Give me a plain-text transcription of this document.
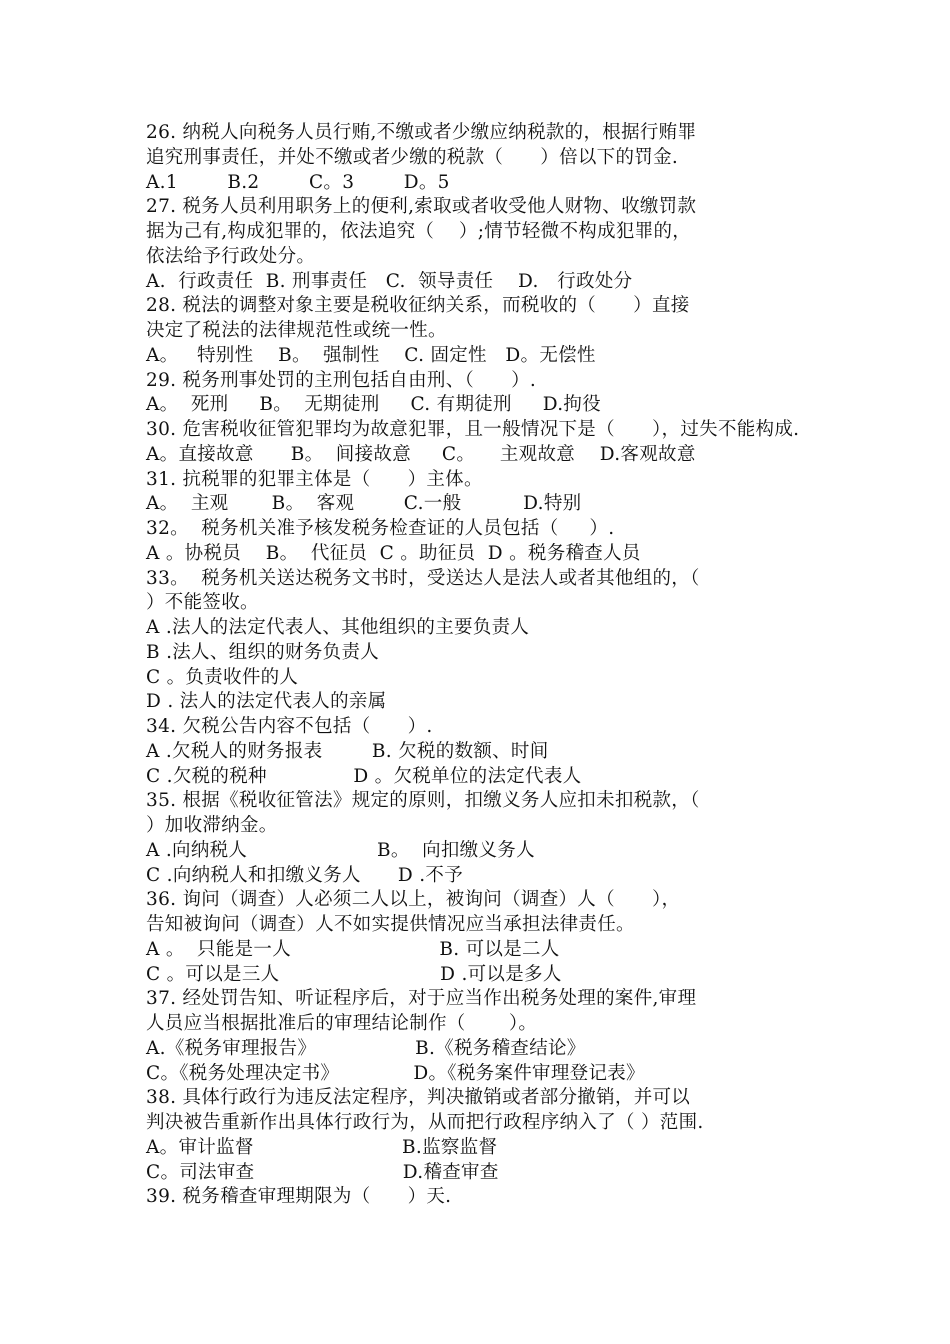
26. 纳税人向税务人员行贿,不缴或者少缴应纳税款的，根据行贿罪
追究刑事责任，并处不缴或者少缴的税款（      ）倍以下的罚金.
A.1        B.2        C。3        D。5
27. 税务人员利用职务上的便利,索取或者收受他人财物、收缴罚款
据为己有,构成犯罪的，依法追究（    ）;情节轻微不构成犯罪的，
依法给予行政处分。
A.  行政责任  B. 刑事责任   C.  领导责任    D.   行政处分
28. 税法的调整对象主要是税收征纳关系，而税收的（      ）直接
决定了税法的法律规范性或统一性。
A。   特别性    B。  强制性    C. 固定性   D。无偿性
29. 税务刑事处罚的主刑包括自由刑、（      ）.
A。  死刑     B。  无期徒刑     C. 有期徒刑     D.拘役
30. 危害税收征管犯罪均为故意犯罪，且一般情况下是（      ），过失不能构成.
A。直接故意      B。  间接故意     C。    主观故意    D.客观故意
31. 抗税罪的犯罪主体是（      ）主体。
A。  主观       B。  客观        C.一般          D.特别
32。  税务机关准予核发税务检查证的人员包括（     ）.
A 。协税员    B。  代征员  C 。助征员  D 。税务稽查人员
33。  税务机关送达税务文书时，受送达人是法人或者其他组的，（
）不能签收。
A .法人的法定代表人、其他组织的主要负责人
B .法人、组织的财务负责人
C 。负责收件的人
D . 法人的法定代表人的亲属
34. 欠税公告内容不包括（      ）.
A .欠税人的财务报表        B. 欠税的数额、时间
C .欠税的税种              D 。欠税单位的法定代表人
35. 根据《税收征管法》规定的原则，扣缴义务人应扣未扣税款，（
）加收滞纳金。
A .向纳税人                     B。  向扣缴义务人
C .向纳税人和扣缴义务人      D .不予
36. 询问（调查）人必须二人以上，被询问（调查）人（      ），
告知被询问（调查）人不如实提供情况应当承担法律责任。
A 。  只能是一人                        B. 可以是二人
C 。可以是三人                          D .可以是多人
37. 经处罚告知、听证程序后，对于应当作出税务处理的案件,审理
人员应当根据批准后的审理结论制作（       ）。
A.《税务审理报告》                B.《税务稽查结论》
C。《税务处理决定书》            D。《税务案件审理登记表》
38. 具体行政行为违反法定程序，判决撤销或者部分撤销，并可以
判决被告重新作出具体行政行为，从而把行政程序纳入了（ ）范围.
A。审计监督                        B.监察监督
C。司法审查                        D.稽查审查
39. 税务稽查审理期限为（      ）天.
